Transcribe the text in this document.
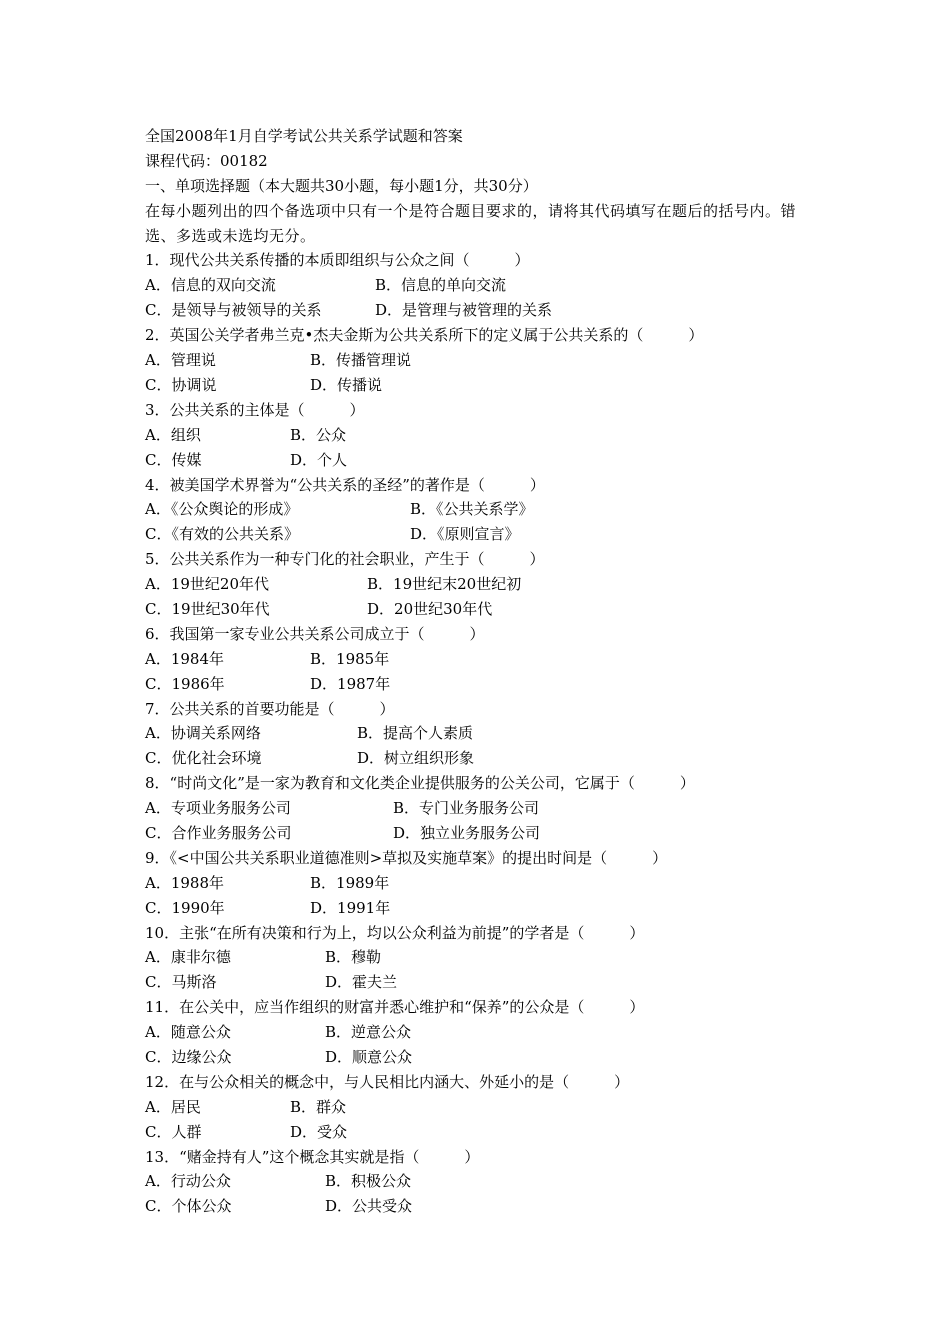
全国2008年1月自学考试公共关系学试题和答案
课程代码：00182
一、单项选择题（本大题共30小题，每小题1分，共30分）
在每小题列出的四个备选项中只有一个是符合题目要求的，请将其代码填写在题后的括号内。错选、多选或未选均无分。
1．现代公共关系传播的本质即组织与公众之间（　　　）
A．信息的双向交流	B．信息的单向交流
C．是领导与被领导的关系	D．是管理与被管理的关系
2．英国公关学者弗兰克•杰夫金斯为公共关系所下的定义属于公共关系的（　　　）
A．管理说	B．传播管理说
C．协调说	D．传播说
3．公共关系的主体是（　　　）
A．组织	B．公众
C．传媒	D．个人
4．被美国学术界誉为“公共关系的圣经”的著作是（　　　）
A．《公众舆论的形成》	B．《公共关系学》
C．《有效的公共关系》	D．《原则宣言》
5．公共关系作为一种专门化的社会职业，产生于（　　　）
A．19世纪20年代	B．19世纪末20世纪初
C．19世纪30年代	D．20世纪30年代
6．我国第一家专业公共关系公司成立于（　　　）
A．1984年	B．1985年
C．1986年	D．1987年
7．公共关系的首要功能是（　　　）
A．协调关系网络	B．提高个人素质
C．优化社会环境	D．树立组织形象
8．“时尚文化”是一家为教育和文化类企业提供服务的公关公司，它属于（　　　）
A．专项业务服务公司	B．专门业务服务公司
C．合作业务服务公司	D．独立业务服务公司
9．《<中国公共关系职业道德准则>草拟及实施草案》的提出时间是（　　　）
A．1988年	B．1989年
C．1990年	D．1991年
10．主张“在所有决策和行为上，均以公众利益为前提”的学者是（　　　）
A．康非尔德	B．穆勒
C．马斯洛	D．霍夫兰
11．在公关中，应当作组织的财富并悉心维护和“保养”的公众是（　　　）
A．随意公众	B．逆意公众
C．边缘公众	D．顺意公众
12．在与公众相关的概念中，与人民相比内涵大、外延小的是（　　　）
A．居民	B．群众
C．人群	D．受众
13．“赌金持有人”这个概念其实就是指（　　　）
A．行动公众	B．积极公众
C．个体公众	D．公共受众
